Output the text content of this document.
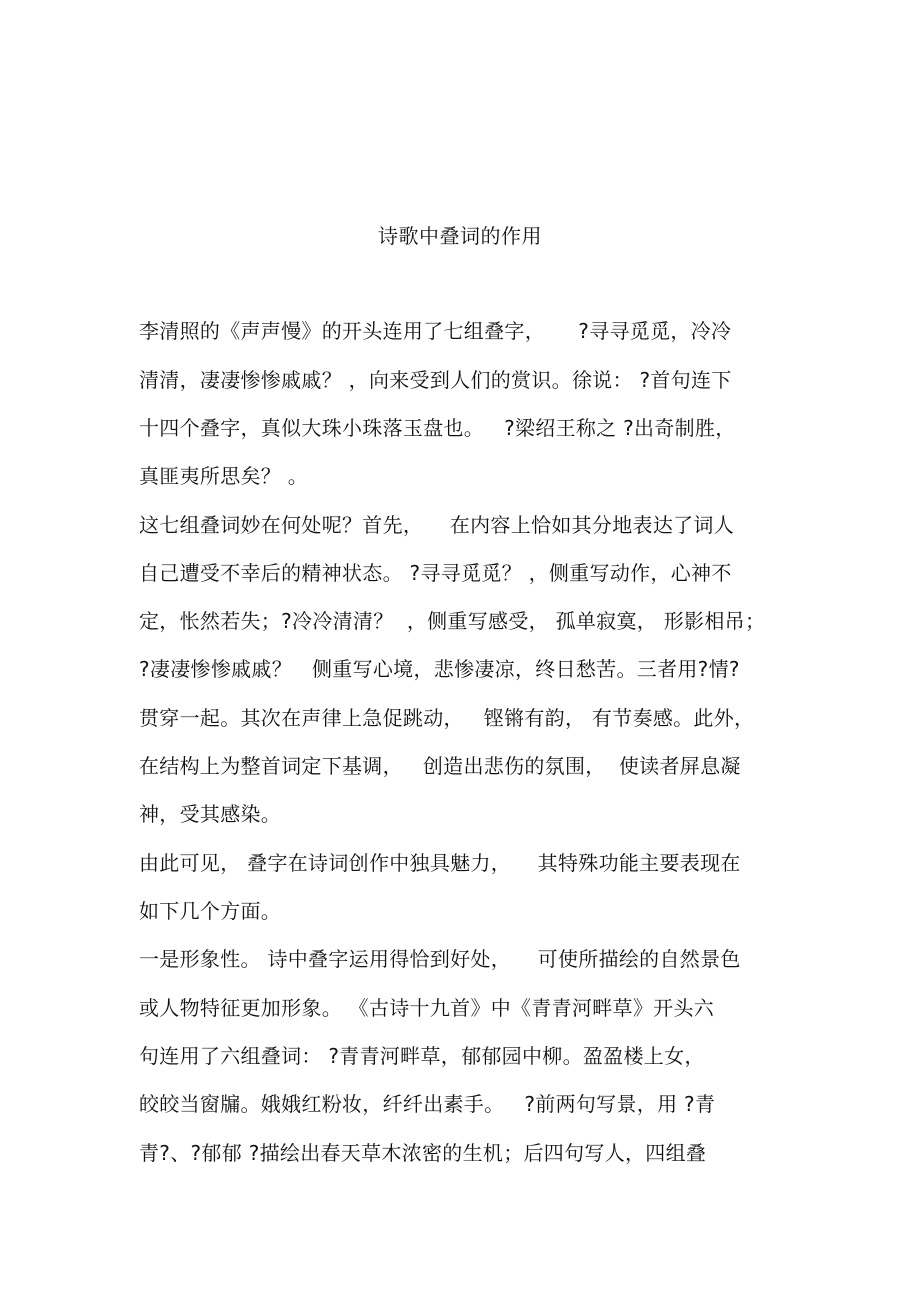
诗歌中叠词的作用
李清照的《声声慢》的开头连用了七组叠字，     ?寻寻觅觅，冷冷
清清，凄凄惨惨戚戚？ ，向来受到人们的赏识。徐说： ?首句连下
十四个叠字，真似大珠小珠落玉盘也。   ?梁绍王称之 ?出奇制胜，
真匪夷所思矣？ 。
这七组叠词妙在何处呢？首先，    在内容上恰如其分地表达了词人
自己遭受不幸后的精神状态。 ?寻寻觅觅？ ，侧重写动作，心神不
定，怅然若失；?冷冷清清？  ，侧重写感受， 孤单寂寞， 形影相吊；
?凄凄惨惨戚戚？   侧重写心境，悲惨凄凉，终日愁苦。三者用?情?
贯穿一起。其次在声律上急促跳动，   铿锵有韵， 有节奏感。此外，
在结构上为整首词定下基调，   创造出悲伤的氛围，  使读者屏息凝
神，受其感染。
由此可见， 叠字在诗词创作中独具魅力，    其特殊功能主要表现在
如下几个方面。
一是形象性。 诗中叠字运用得恰到好处，    可使所描绘的自然景色
或人物特征更加形象。 《古诗十九首》中《青青河畔草》开头六
句连用了六组叠词： ?青青河畔草，郁郁园中柳。盈盈楼上女，
皎皎当窗牖。娥娥红粉妆，纤纤出素手。   ?前两句写景，用 ?青
青?、?郁郁 ?描绘出春天草木浓密的生机；后四句写人，四组叠
